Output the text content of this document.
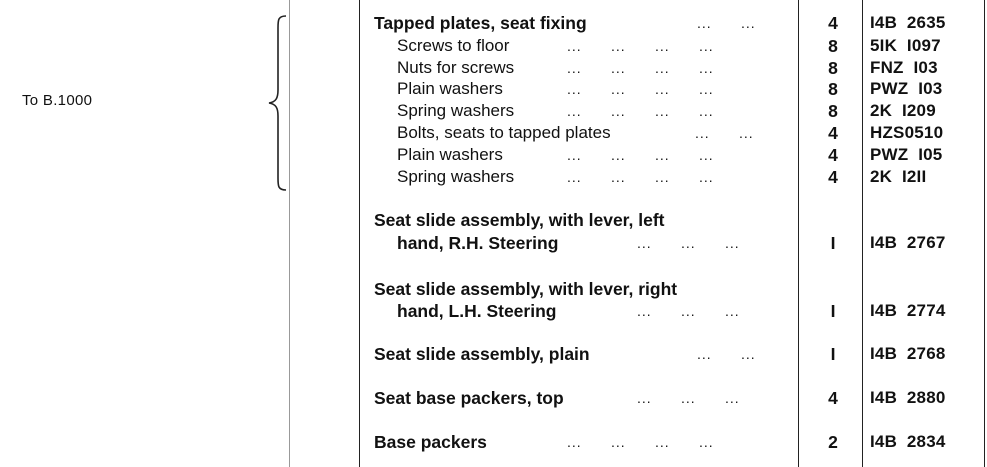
To B.1000
Tapped plates, seat fixing	...      ...	4	I4B  2635
Screws to floor	...      ...      ...      ...	8	5IK  I097
Nuts for screws	...      ...      ...      ...	8	FNZ  I03
Plain washers	...      ...      ...      ...	8	PWZ  I03
Spring washers	...      ...      ...      ...	8	2K  I209
Bolts, seats to tapped plates	...      ...	4	HZS0510
Plain washers	...      ...      ...      ...	4	PWZ  I05
Spring washers	...      ...      ...      ...	4	2K  I2II
Seat slide assembly, with lever, left
hand, R.H. Steering	...      ...      ...	I	I4B  2767
Seat slide assembly, with lever, right
hand, L.H. Steering	...      ...      ...	I	I4B  2774
Seat slide assembly, plain	...      ...	I	I4B  2768
Seat base packers, top	...      ...      ...	4	I4B  2880
Base packers	...      ...      ...      ...	2	I4B  2834
